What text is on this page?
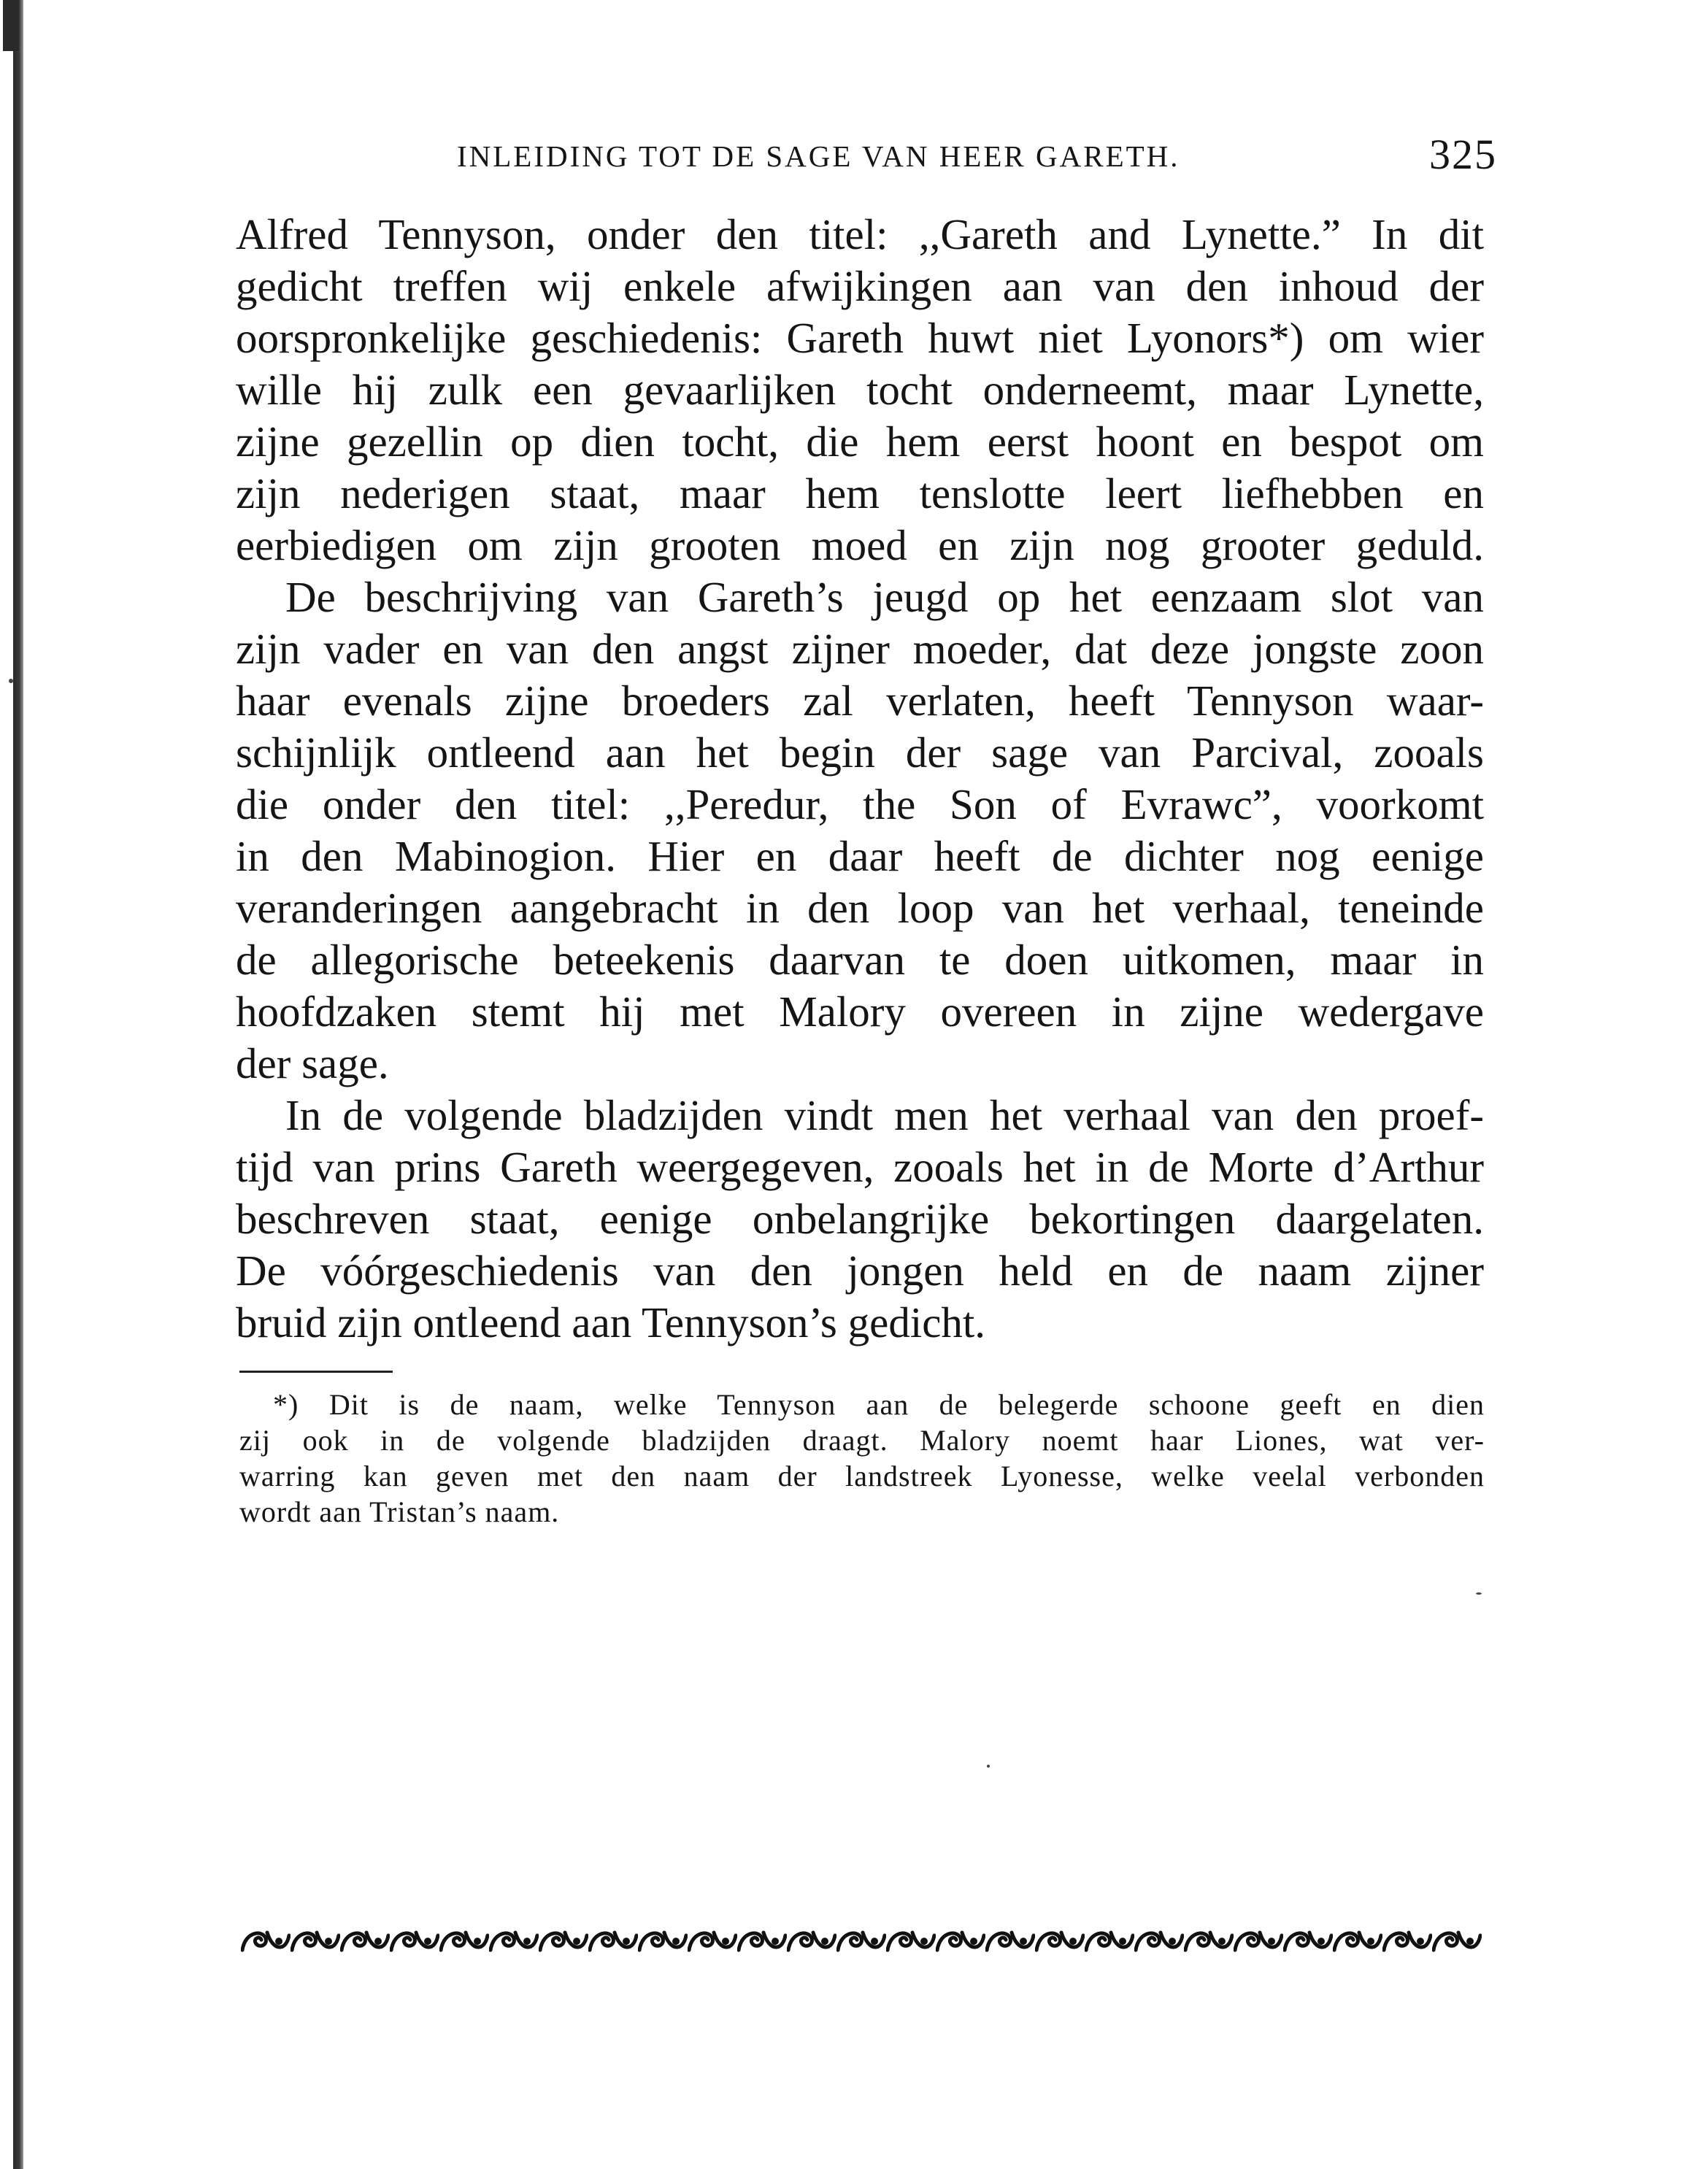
INLEIDING TOT DE SAGE VAN HEER GARETH.	325
Alfred Tennyson, onder den titel: ,,Gareth and Lynette.” In dit
gedicht treffen wij enkele afwijkingen aan van den inhoud der
oorspronkelijke geschiedenis: Gareth huwt niet Lyonors*) om wier
wille hij zulk een gevaarlijken tocht onderneemt, maar Lynette,
zijne gezellin op dien tocht, die hem eerst hoont en bespot om
zijn nederigen staat, maar hem tenslotte leert liefhebben en
eerbiedigen om zijn grooten moed en zijn nog grooter geduld.
De beschrijving van Gareth’s jeugd op het eenzaam slot van
zijn vader en van den angst zijner moeder, dat deze jongste zoon
haar evenals zijne broeders zal verlaten, heeft Tennyson waar-
schijnlijk ontleend aan het begin der sage van Parcival, zooals
die onder den titel: ,,Peredur, the Son of Evrawc”, voorkomt
in den Mabinogion. Hier en daar heeft de dichter nog eenige
veranderingen aangebracht in den loop van het verhaal, teneinde
de allegorische beteekenis daarvan te doen uitkomen, maar in
hoofdzaken stemt hij met Malory overeen in zijne wedergave
der sage.
In de volgende bladzijden vindt men het verhaal van den proef-
tijd van prins Gareth weergegeven, zooals het in de Morte d’Arthur
beschreven staat, eenige onbelangrijke bekortingen daargelaten.
De vóórgeschiedenis van den jongen held en de naam zijner
bruid zijn ontleend aan Tennyson’s gedicht.
*) Dit is de naam, welke Tennyson aan de belegerde schoone geeft en dien
zij ook in de volgende bladzijden draagt. Malory noemt haar Liones, wat ver-
warring kan geven met den naam der landstreek Lyonesse, welke veelal verbonden
wordt aan Tristan’s naam.
